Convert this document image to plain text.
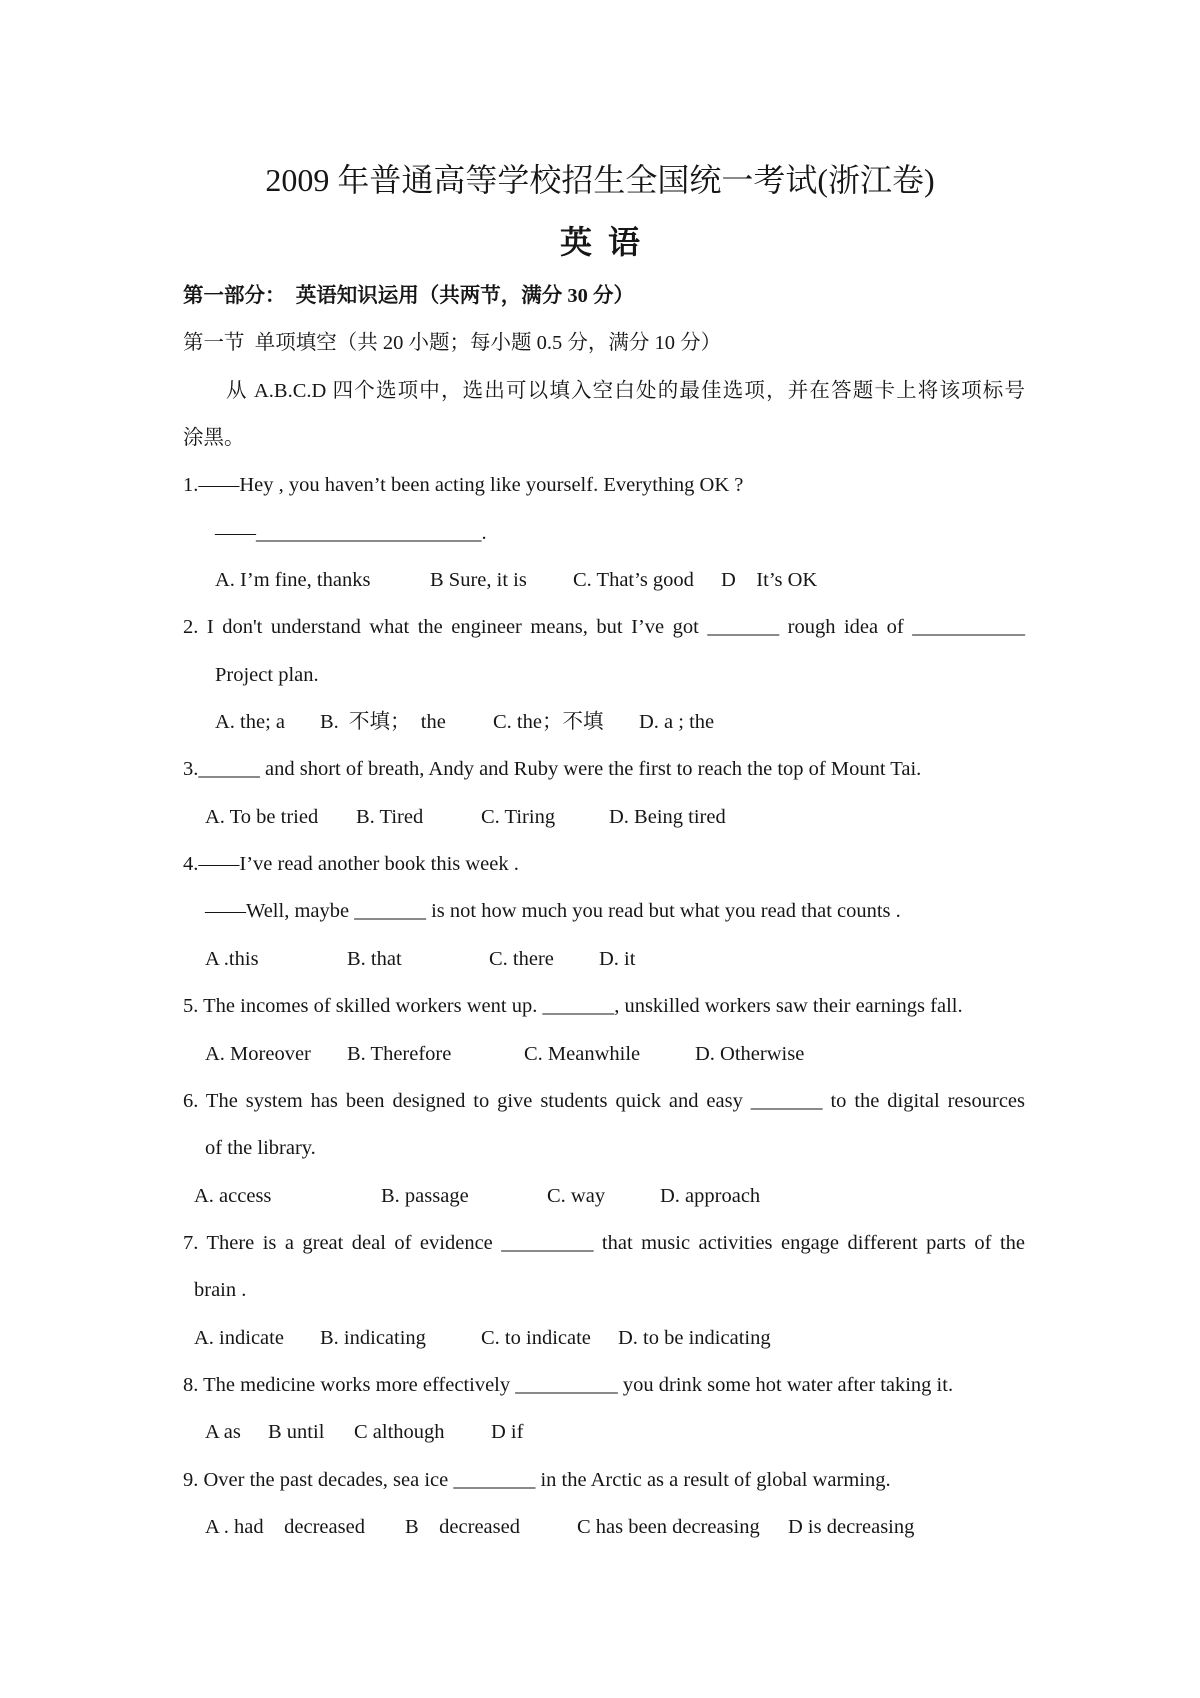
2009 年普通高等学校招生全国统一考试(浙江卷)
英 语
第一部分：  英语知识运用（共两节，满分 30 分）
第一节  单项填空（共 20 小题；每小题 0.5 分，满分 10 分）
从 A.B.C.D 四个选项中，选出可以填入空白处的最佳选项，并在答题卡上将该项标号
涂黑。
1.——Hey , you haven’t been acting like yourself. Everything OK ?
——______________________.

A. I’m fine, thanks

	B Sure, it is

C. That’s good

D    It’s OK

2. I don't understand what the engineer means, but I’ve got _______ rough idea of ___________
Project plan.

A. the; a

B.  不填；  the

C. the；不填

D. a ; the

3.______ and short of breath, Andy and Ruby were the first to reach the top of Mount Tai.

A. To be tried

B. Tired

	C. Tiring

	D. Being tired

4.——I’ve read another book this week .
——Well, maybe _______ is not how much you read but what you read that counts .

A .this

	B. that

	C. there

D. it

5. The incomes of skilled workers went up. _______, unskilled workers saw their earnings fall.

A. Moreover

B. Therefore

	C. Meanwhile

	D. Otherwise

6. The system has been designed to give students quick and easy _______ to the digital resources
of the library.

A. access

	B. passage

	C. way

	D. approach

7. There is a great deal of evidence _________ that music activities engage different parts of the
brain .

A. indicate

B. indicating

	C. to indicate

D. to be indicating

8. The medicine works more effectively __________ you drink some hot water after taking it.

A as

B until

C although

D if

9. Over the past decades, sea ice ________ in the Arctic as a result of global warming.

A . had    decreased

B    decreased

	C has been decreasing

D is decreasing
